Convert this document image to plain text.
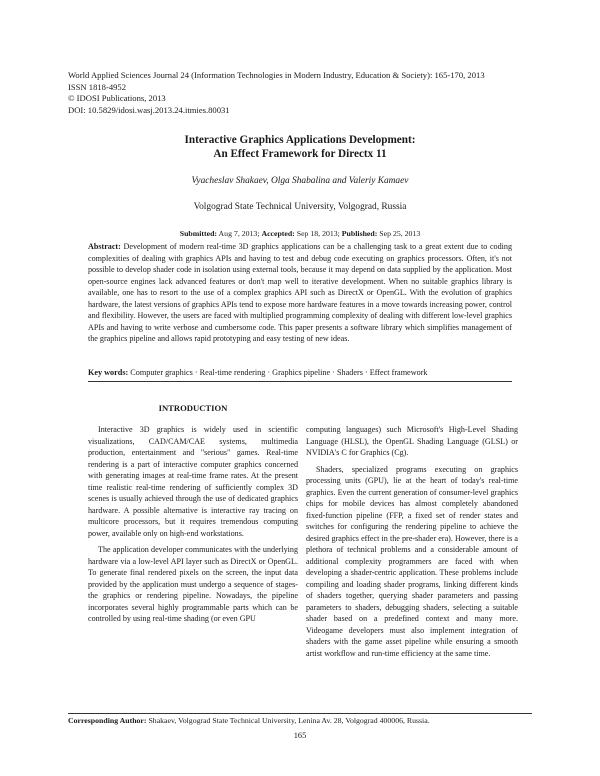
World Applied Sciences Journal 24 (Information Technologies in Modern Industry, Education & Society): 165-170, 2013
ISSN 1818-4952
© IDOSI Publications, 2013
DOI: 10.5829/idosi.wasj.2013.24.itmies.80031
Interactive Graphics Applications Development:
An Effect Framework for Directx 11
Vyacheslav Shakaev, Olga Shabalina and Valeriy Kamaev
Volgograd State Technical University, Volgograd, Russia
Submitted: Aug 7, 2013; Accepted: Sep 18, 2013; Published: Sep 25, 2013
Abstract: Development of modern real-time 3D graphics applications can be a challenging task to a great extent due to coding complexities of dealing with graphics APIs and having to test and debug code executing on graphics processors. Often, it's not possible to develop shader code in isolation using external tools, because it may depend on data supplied by the application. Most open-source engines lack advanced features or don't map well to iterative development. When no suitable graphics library is available, one has to resort to the use of a complex graphics API such as DirectX or OpenGL. With the evolution of graphics hardware, the latest versions of graphics APIs tend to expose more hardware features in a move towards increasing power, control and flexibility. However, the users are faced with multiplied programming complexity of dealing with different low-level graphics APIs and having to write verbose and cumbersome code. This paper presents a software library which simplifies management of the graphics pipeline and allows rapid prototyping and easy testing of new ideas.
Key words: Computer graphics · Real-time rendering · Graphics pipeline · Shaders · Effect framework
INTRODUCTION

Interactive 3D graphics is widely used in scientific visualizations, CAD/CAM/CAE systems, multimedia production, entertainment and "serious" games. Real-time rendering is a part of interactive computer graphics concerned with generating images at real-time frame rates. At the present time realistic real-time rendering of sufficiently complex 3D scenes is usually achieved through the use of dedicated graphics hardware. A possible alternative is interactive ray tracing on multicore processors, but it requires tremendous computing power, available only on high-end workstations.

The application developer communicates with the underlying hardware via a low-level API layer such as DirectX or OpenGL. To generate final rendered pixels on the screen, the input data provided by the application must undergo a sequence of stages-the graphics or rendering pipeline. Nowadays, the pipeline incorporates several highly programmable parts which can be controlled by using real-time shading (or even GPU

computing languages) such Microsoft's High-Level Shading Language (HLSL), the OpenGL Shading Language (GLSL) or NVIDIA's C for Graphics (Cg).

Shaders, specialized programs executing on graphics processing units (GPU), lie at the heart of today's real-time graphics. Even the current generation of consumer-level graphics chips for mobile devices has almost completely abandoned fixed-function pipeline (FFP, a fixed set of render states and switches for configuring the rendering pipeline to achieve the desired graphics effect in the pre-shader era). However, there is a plethora of technical problems and a considerable amount of additional complexity programmers are faced with when developing a shader-centric application. These problems include compiling and loading shader programs, linking different kinds of shaders together, querying shader parameters and passing parameters to shaders, debugging shaders, selecting a suitable shader based on a predefined context and many more. Videogame developers must also implement integration of shaders with the game asset pipeline while ensuring a smooth artist workflow and run-time efficiency at the same time.

Corresponding Author: Shakaev, Volgograd State Technical University, Lenina Av. 28, Volgograd 400006, Russia.
165
